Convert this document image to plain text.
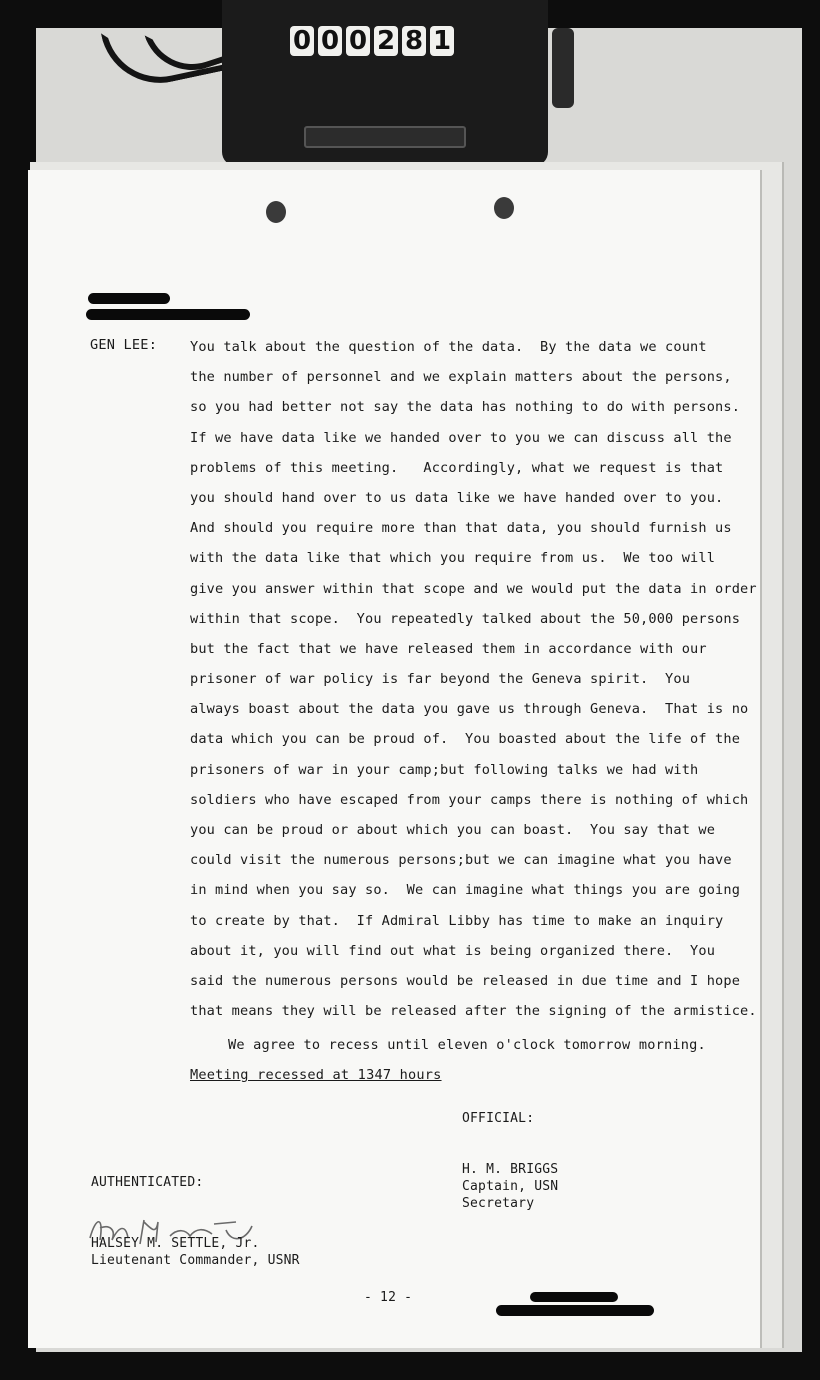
0 0 0 2 8 1
GEN LEE: You talk about the question of the data.  By the data we count
the number of personnel and we explain matters about the persons,
so you had better not say the data has nothing to do with persons.
If we have data like we handed over to you we can discuss all the
problems of this meeting.   Accordingly, what we request is that
you should hand over to us data like we have handed over to you.
And should you require more than that data, you should furnish us
with the data like that which you require from us.  We too will
give you answer within that scope and we would put the data in order
within that scope.  You repeatedly talked about the 50,000 persons
but the fact that we have released them in accordance with our
prisoner of war policy is far beyond the Geneva spirit.  You
always boast about the data you gave us through Geneva.  That is no
data which you can be proud of.  You boasted about the life of the
prisoners of war in your camp;but following talks we had with
soldiers who have escaped from your camps there is nothing of which
you can be proud or about which you can boast.  You say that we
could visit the numerous persons;but we can imagine what you have
in mind when you say so.  We can imagine what things you are going
to create by that.  If Admiral Libby has time to make an inquiry
about it, you will find out what is being organized there.  You
said the numerous persons would be released in due time and I hope
that means they will be released after the signing of the armistice.
We agree to recess until eleven o'clock tomorrow morning.
Meeting recessed at 1347 hours
OFFICIAL:
H. M. BRIGGS
Captain, USN
Secretary
AUTHENTICATED:
HALSEY M. SETTLE, Jr.
Lieutenant Commander, USNR
- 12 -
